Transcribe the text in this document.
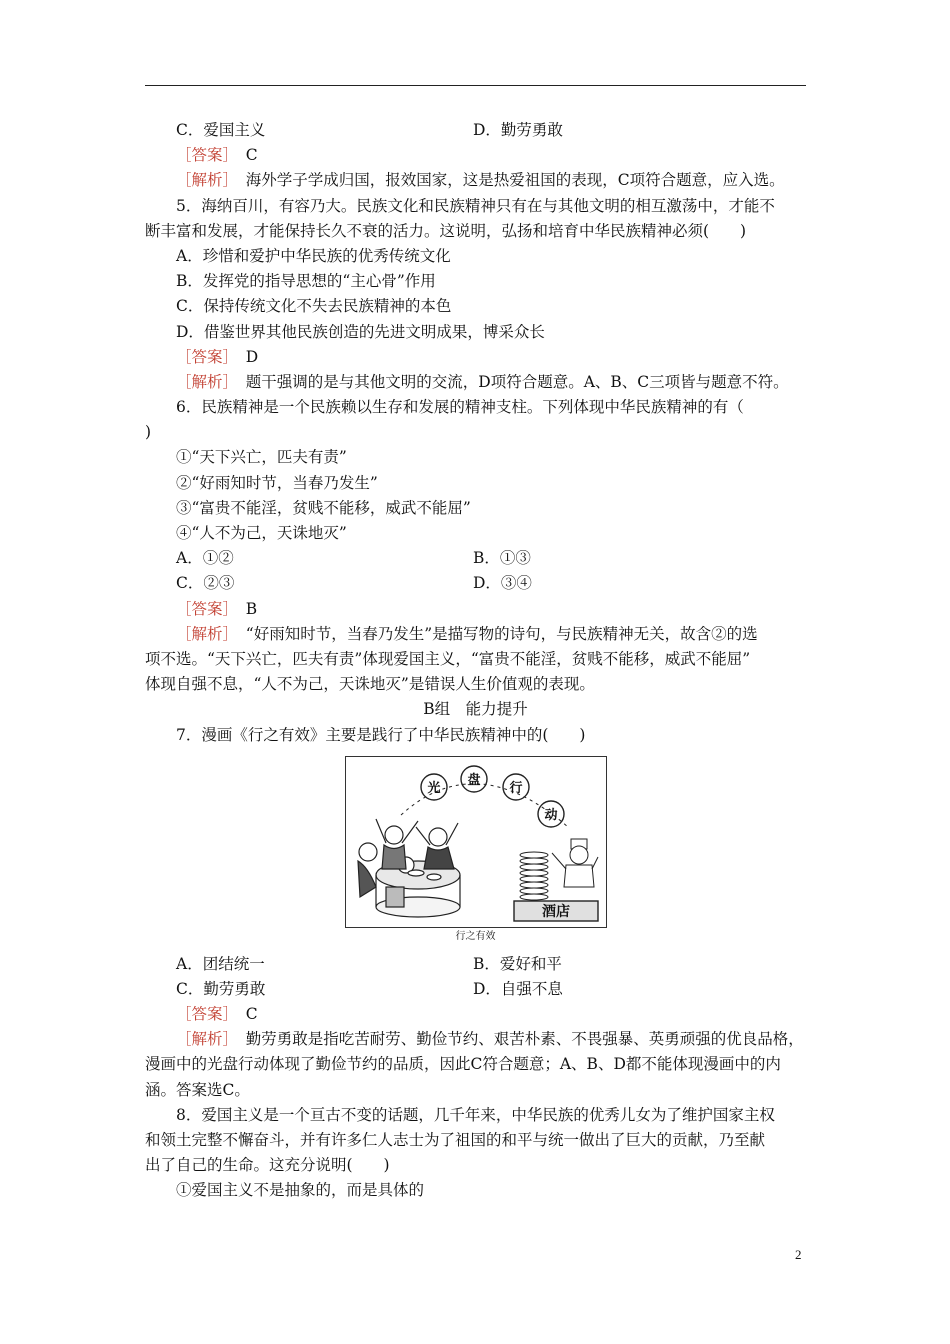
C．爱国主义	D．勤劳勇敢
［答案］　C
［解析］　海外学子学成归国，报效国家，这是热爱祖国的表现，C项符合题意，应入选。
5．海纳百川，有容乃大。民族文化和民族精神只有在与其他文明的相互激荡中，才能不
断丰富和发展，才能保持长久不衰的活力。这说明，弘扬和培育中华民族精神必须(　　)
A．珍惜和爱护中华民族的优秀传统文化
B．发挥党的指导思想的“主心骨”作用
C．保持传统文化不失去民族精神的本色
D．借鉴世界其他民族创造的先进文明成果，博采众长
［答案］　D
［解析］　题干强调的是与其他文明的交流，D项符合题意。A、B、C三项皆与题意不符。
6．民族精神是一个民族赖以生存和发展的精神支柱。下列体现中华民族精神的有（
)
①“天下兴亡，匹夫有责”
②“好雨知时节，当春乃发生”
③“富贵不能淫，贫贱不能移，威武不能屈”
④“人不为己，天诛地灭”
A．①②	B．①③
C．②③	D．③④
［答案］　B
［解析］　“好雨知时节，当春乃发生”是描写物的诗句，与民族精神无关，故含②的选
项不选。“天下兴亡，匹夫有责”体现爱国主义，“富贵不能淫，贫贱不能移，威武不能屈”
体现自强不息，“人不为己，天诛地灭”是错误人生价值观的表现。
B组　能力提升
7．漫画《行之有效》主要是践行了中华民族精神中的(　　)
光
盘
行
动
酒店
行之有效
A．团结统一	B．爱好和平
C．勤劳勇敢	D．自强不息
［答案］　C
［解析］　勤劳勇敢是指吃苦耐劳、勤俭节约、艰苦朴素、不畏强暴、英勇顽强的优良品格，
漫画中的光盘行动体现了勤俭节约的品质，因此C符合题意；A、B、D都不能体现漫画中的内
涵。答案选C。
8．爱国主义是一个亘古不变的话题，几千年来，中华民族的优秀儿女为了维护国家主权
和领土完整不懈奋斗，并有许多仁人志士为了祖国的和平与统一做出了巨大的贡献，乃至献
出了自己的生命。这充分说明(　　)
①爱国主义不是抽象的，而是具体的
2
